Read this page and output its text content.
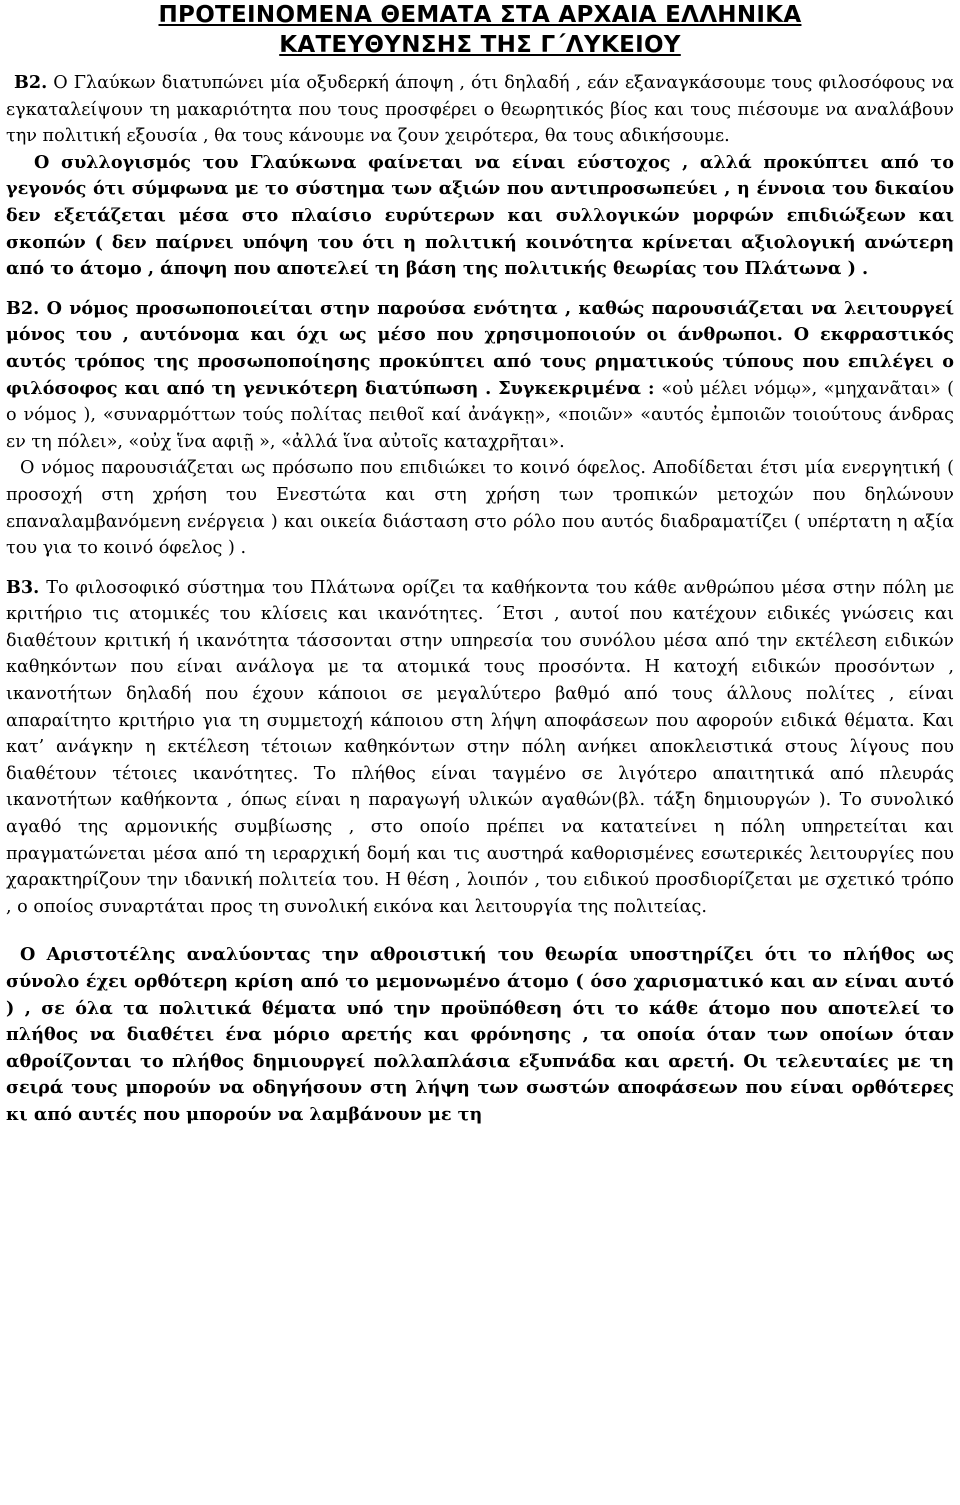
ΠΡΟΤΕΙΝΟΜΕΝΑ ΘΕΜΑΤΑ ΣΤΑ ΑΡΧΑΙΑ ΕΛΛΗΝΙΚΑ
ΚΑΤΕΥΘΥΝΣΗΣ ΤΗΣ Γ΄ΛΥΚΕΙΟΥ

Β2. Ο Γλαύκων διατυπώνει μία οξυδερκή άποψη , ότι δηλαδή , εάν εξαναγκάσουμε τους φιλοσόφους να εγκαταλείψουν τη μακαριότητα που τους προσφέρει ο θεωρητικός βίος και τους πιέσουμε να αναλάβουν την πολιτική εξουσία , θα τους κάνουμε να ζουν χειρότερα, θα τους αδικήσουμε.

Ο συλλογισμός του Γλαύκωνα φαίνεται να είναι εύστοχος , αλλά προκύπτει από το γεγονός ότι σύμφωνα με το σύστημα των αξιών που αντιπροσωπεύει , η έννοια του δικαίου δεν εξετάζεται μέσα στο πλαίσιο ευρύτερων και συλλογικών μορφών επιδιώξεων και σκοπών ( δεν παίρνει υπόψη του ότι η πολιτική κοινότητα κρίνεται αξιολογική ανώτερη από το άτομο , άποψη που αποτελεί τη βάση της πολιτικής θεωρίας του Πλάτωνα ) .

Β2. Ο νόμος προσωποποιείται στην παρούσα ενότητα , καθώς παρουσιάζεται να λειτουργεί μόνος του , αυτόνομα και όχι ως μέσο που χρησιμοποιούν οι άνθρωποι. Ο εκφραστικός αυτός τρόπος της προσωποποίησης προκύπτει από τους ρηματικούς τύπους που επιλέγει ο φιλόσοφος και από τη γενικότερη διατύπωση . Συγκεκριμένα : «οὐ μέλει νόμῳ», «μηχανᾶται» ( ο νόμος ), «συναρμόττων τούς πολίτας πειθοῖ καί ἀνάγκῃ», «ποιῶν» «αυτός ἐμποιῶν τοιούτους άνδρας εν τη πόλει», «οὐχ ἵνα αφιῇ », «ἀλλά ἵνα αὐτοῖς καταχρῆται».

Ο νόμος παρουσιάζεται ως πρόσωπο που επιδιώκει το κοινό όφελος. Αποδίδεται έτσι μία ενεργητική ( προσοχή στη χρήση του Ενεστώτα και στη χρήση των τροπικών μετοχών που δηλώνουν επαναλαμβανόμενη ενέργεια ) και οικεία διάσταση στο ρόλο που αυτός διαδραματίζει ( υπέρτατη η αξία του για το κοινό όφελος ) .

Β3. Το φιλοσοφικό σύστημα του Πλάτωνα ορίζει τα καθήκοντα του κάθε ανθρώπου μέσα στην πόλη με κριτήριο τις ατομικές του κλίσεις και ικανότητες. ΄Ετσι , αυτοί που κατέχουν ειδικές γνώσεις και διαθέτουν κριτική ή ικανότητα τάσσονται στην υπηρεσία του συνόλου μέσα από την εκτέλεση ειδικών καθηκόντων που είναι ανάλογα με τα ατομικά τους προσόντα. Η κατοχή ειδικών προσόντων , ικανοτήτων δηλαδή που έχουν κάποιοι σε μεγαλύτερο βαθμό από τους άλλους πολίτες , είναι απαραίτητο κριτήριο για τη συμμετοχή κάποιου στη λήψη αποφάσεων που αφορούν ειδικά θέματα. Και κατ’ ανάγκην η εκτέλεση τέτοιων καθηκόντων στην πόλη ανήκει αποκλειστικά στους λίγους που διαθέτουν τέτοιες ικανότητες. Το πλήθος είναι ταγμένο σε λιγότερο απαιτητικά από πλευράς ικανοτήτων καθήκοντα , όπως είναι η παραγωγή υλικών αγαθών(βλ. τάξη δημιουργών ). Το συνολικό αγαθό της αρμονικής συμβίωσης , στο οποίο πρέπει να κατατείνει η πόλη υπηρετείται και πραγματώνεται μέσα από τη ιεραρχική δομή και τις αυστηρά καθορισμένες εσωτερικές λειτουργίες που χαρακτηρίζουν την ιδανική πολιτεία του. Η θέση , λοιπόν , του ειδικού προσδιορίζεται με σχετικό τρόπο , ο οποίος συναρτάται προς τη συνολική εικόνα και λειτουργία της πολιτείας.

Ο Αριστοτέλης αναλύοντας την αθροιστική του θεωρία υποστηρίζει ότι το πλήθος ως σύνολο έχει ορθότερη κρίση από το μεμονωμένο άτομο ( όσο χαρισματικό και αν είναι αυτό ) , σε όλα τα πολιτικά θέματα υπό την προϋπόθεση ότι το κάθε άτομο που αποτελεί το πλήθος να διαθέτει ένα μόριο αρετής και φρόνησης , τα οποία όταν των οποίων όταν αθροίζονται το πλήθος δημιουργεί πολλαπλάσια εξυπνάδα και αρετή. Οι τελευταίες με τη σειρά τους μπορούν να οδηγήσουν στη λήψη των σωστών αποφάσεων που είναι ορθότερες κι από αυτές που μπορούν να λαμβάνουν με τη
